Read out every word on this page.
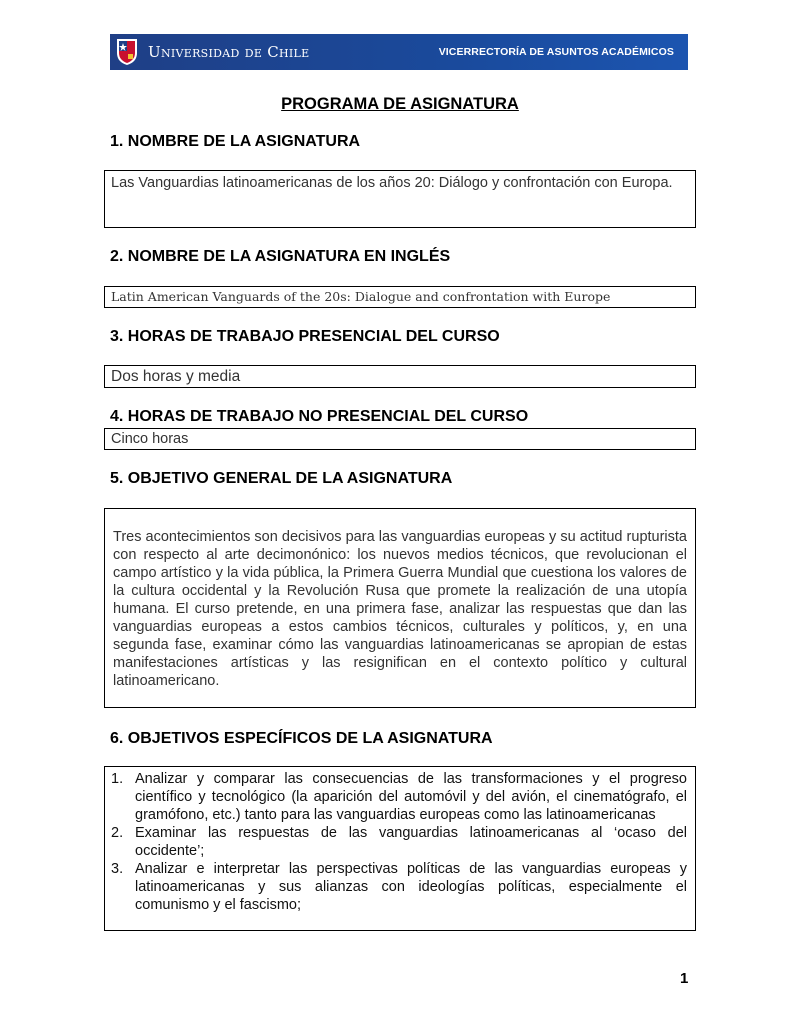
Universidad de Chile	VICERRECTORÍA DE ASUNTOS ACADÉMICOS
PROGRAMA DE ASIGNATURA
1. NOMBRE DE LA ASIGNATURA

Las Vanguardias latinoamericanas de los años 20: Diálogo y confrontación con Europa.

2. NOMBRE DE LA ASIGNATURA EN INGLÉS
Latin American Vanguards of the 20s: Dialogue and confrontation with Europe
3. HORAS DE TRABAJO PRESENCIAL DEL CURSO
Dos horas y media
4. HORAS DE TRABAJO NO PRESENCIAL DEL CURSO
Cinco horas
5. OBJETIVO GENERAL DE LA ASIGNATURA

Tres acontecimientos son decisivos para las vanguardias europeas y su actitud rupturista con respecto al arte decimonónico: los nuevos medios técnicos, que revolucionan el campo artístico y la vida pública, la Primera Guerra Mundial que cuestiona los valores de la cultura occidental y la Revolución Rusa que promete la realización de una utopía humana. El curso pretende, en una primera fase, analizar las respuestas que dan las vanguardias europeas a estos cambios técnicos, culturales y políticos, y, en una segunda fase, examinar cómo las vanguardias latinoamericanas se apropian de estas manifestaciones artísticas y las resignifican en el contexto político y cultural latinoamericano.

6. OBJETIVOS ESPECÍFICOS DE LA ASIGNATURA
1. Analizar y comparar las consecuencias de las transformaciones y el progreso científico y tecnológico (la aparición del automóvil y del avión, el cinematógrafo, el gramófono, etc.) tanto para las vanguardias europeas como las latinoamericanas
2. Examinar las respuestas de las vanguardias latinoamericanas al ‘ocaso del occidente’;
3. Analizar e interpretar las perspectivas políticas de las vanguardias europeas y latinoamericanas y sus alianzas con ideologías políticas, especialmente el comunismo y el fascismo;
1
